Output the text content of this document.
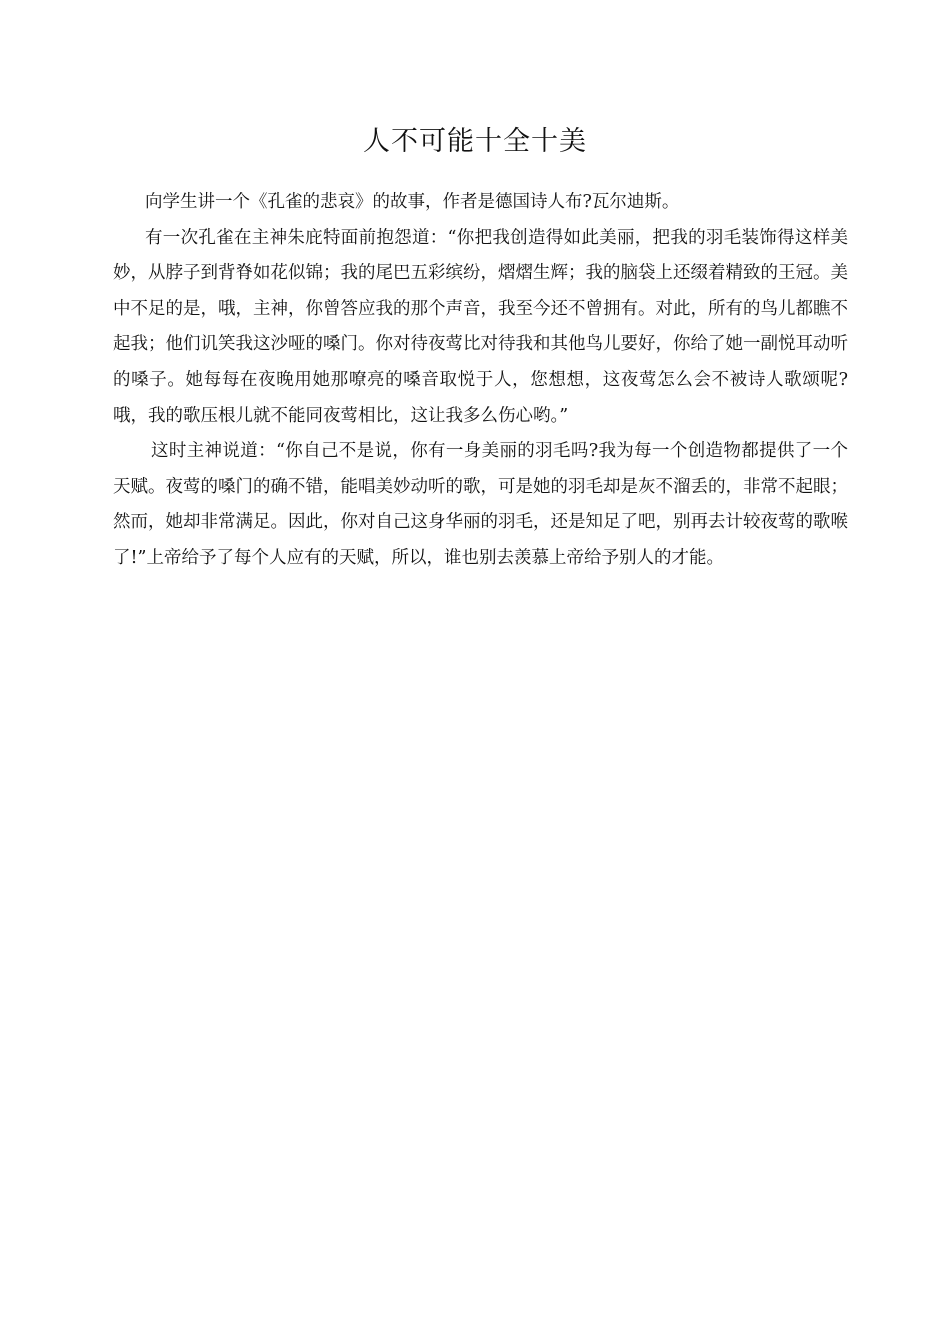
人不可能十全十美

向学生讲一个《孔雀的悲哀》的故事，作者是德国诗人布?瓦尔迪斯。

有一次孔雀在主神朱庇特面前抱怨道：“你把我创造得如此美丽，把我的羽毛装饰得这样美妙，从脖子到背脊如花似锦；我的尾巴五彩缤纷，熠熠生辉；我的脑袋上还缀着精致的王冠。美中不足的是，哦，主神，你曾答应我的那个声音，我至今还不曾拥有。对此，所有的鸟儿都瞧不起我；他们讥笑我这沙哑的嗓门。你对待夜莺比对待我和其他鸟儿要好，你给了她一副悦耳动听的嗓子。她每每在夜晚用她那嘹亮的嗓音取悦于人，您想想，这夜莺怎么会不被诗人歌颂呢?哦，我的歌压根儿就不能同夜莺相比，这让我多么伤心哟。”

这时主神说道：“你自己不是说，你有一身美丽的羽毛吗?我为每一个创造物都提供了一个天赋。夜莺的嗓门的确不错，能唱美妙动听的歌，可是她的羽毛却是灰不溜丢的，非常不起眼；然而，她却非常满足。因此，你对自己这身华丽的羽毛，还是知足了吧，别再去计较夜莺的歌喉了!”上帝给予了每个人应有的天赋，所以，谁也别去羡慕上帝给予别人的才能。
